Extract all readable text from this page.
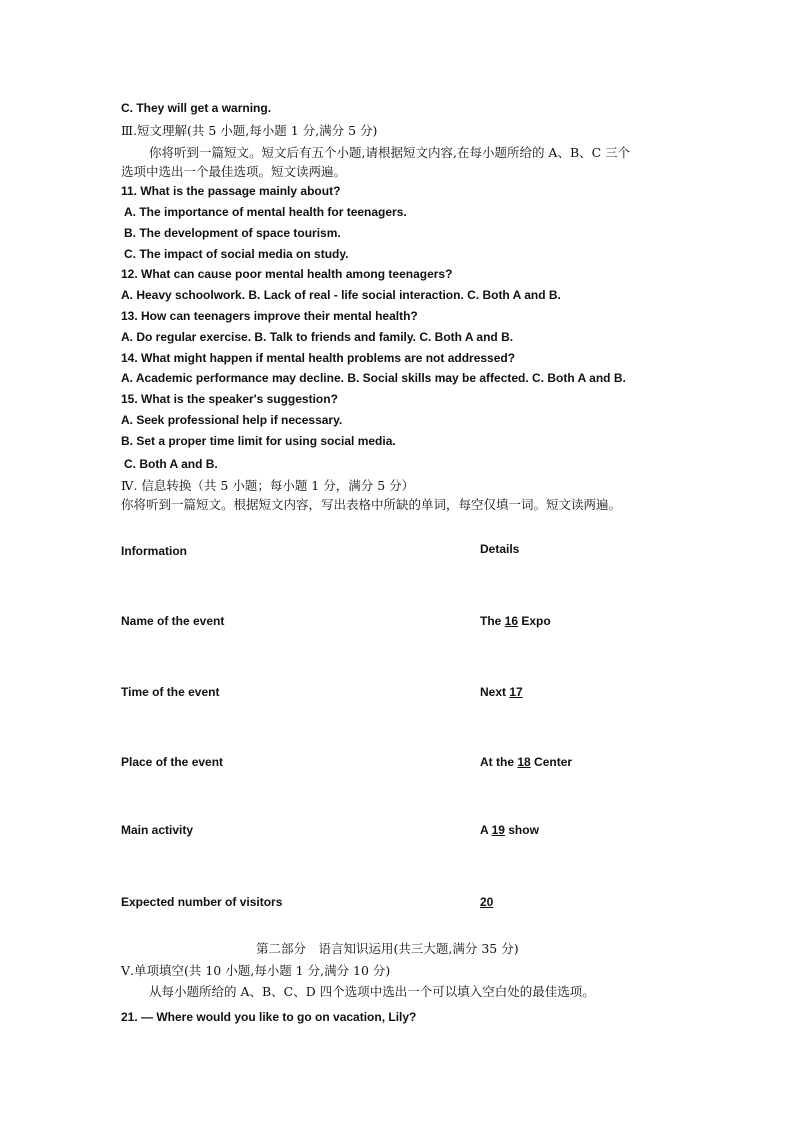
C. They will get a warning.
Ⅲ.短文理解(共 5 小题,每小题 1 分,满分 5 分)
你将听到一篇短文。短文后有五个小题,请根据短文内容,在每小题所给的 A、B、C 三个
选项中选出一个最佳选项。短文读两遍。
11. What is the passage mainly about?
A. The importance of mental health for teenagers.
B. The development of space tourism.
C. The impact of social media on study.
12. What can cause poor mental health among teenagers?
A. Heavy schoolwork. B. Lack of real - life social interaction. C. Both A and B.
13. How can teenagers improve their mental health?
A. Do regular exercise. B. Talk to friends and family. C. Both A and B.
14. What might happen if mental health problems are not addressed?
A. Academic performance may decline. B. Social skills may be affected. C. Both A and B.
15. What is the speaker's suggestion?
A. Seek professional help if necessary.
B. Set a proper time limit for using social media.
C. Both A and B.
Ⅳ. 信息转换（共 5 小题；每小题 1 分，满分 5 分）
你将听到一篇短文。根据短文内容，写出表格中所缺的单词，每空仅填一词。短文读两遍。
Information	Details
Name of the event	The 16 Expo
Time of the event	Next 17
Place of the event	At the 18 Center
Main activity	A 19 show
Expected number of visitors	20
第二部分　语言知识运用(共三大题,满分 35 分)
Ⅴ.单项填空(共 10 小题,每小题 1 分,满分 10 分)
从每小题所给的 A、B、C、D 四个选项中选出一个可以填入空白处的最佳选项。
21. — Where would you like to go on vacation, Lily?
